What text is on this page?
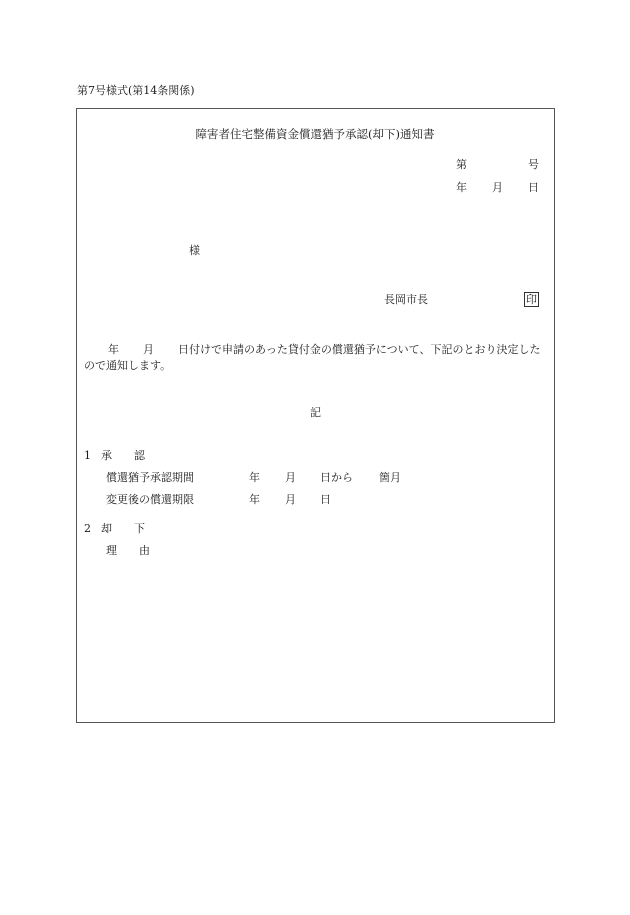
第7号様式(第14条関係)
障害者住宅整備資金償還猶予承認(却下)通知書
第	号
年 月 日
様
長岡市長	印
年 月 日付けで申請のあった貸付金の償還猶予について、下記のとおり決定したので通知します。
記
1 承　　認
償還猶予承認期間	年 月 日から 箇月
変更後の償還期限	年 月 日
2 却　　下
理　　由
